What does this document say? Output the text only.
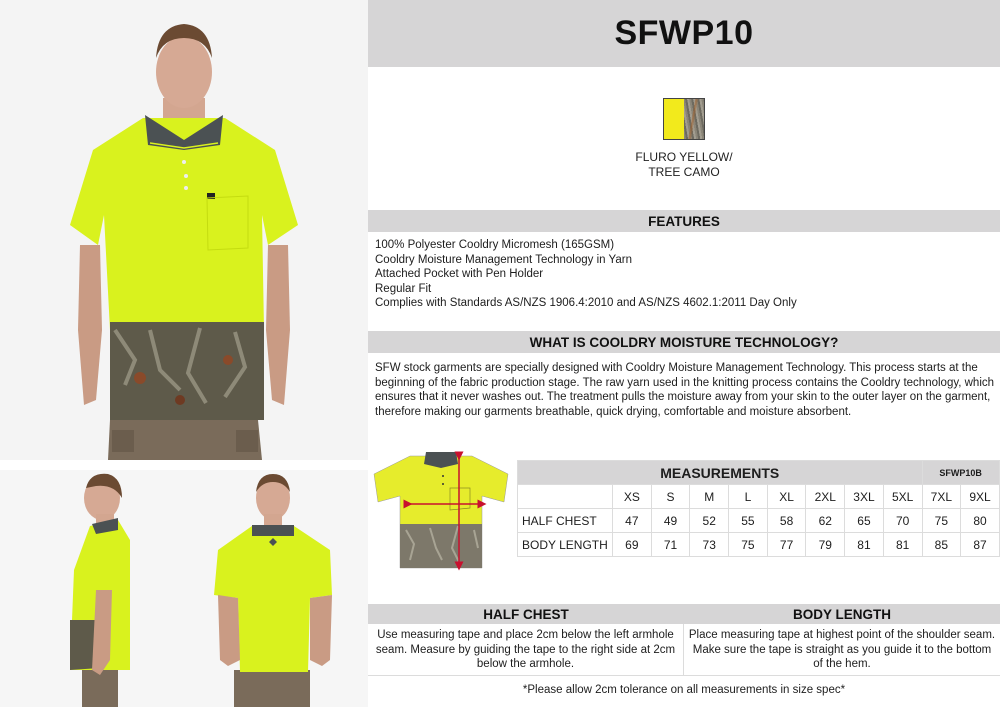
SFWP10
FLURO YELLOW/
TREE CAMO
FEATURES
100% Polyester Cooldry Micromesh (165GSM)
Cooldry Moisture Management Technology in Yarn
Attached Pocket with Pen Holder
Regular Fit
Complies with Standards AS/NZS 1906.4:2010 and AS/NZS 4602.1:2011 Day Only
WHAT IS COOLDRY MOISTURE TECHNOLOGY?

SFW stock garments are specially designed with Cooldry Moisture Management Technology. This process starts at the beginning of the fabric production stage. The raw yarn used in the knitting process contains the Cooldry technology, which ensures that it never washes out. The treatment pulls the moisture away from your skin to the outer layer on the garment, therefore making our garments breathable, quick drying, comfortable and moisture absorbent.

MEASUREMENTS									SFWP10B	
	XS	S	M	L	XL	2XL	3XL	5XL	7XL	9XL
HALF CHEST	47	49	52	55	58	62	65	70	75	80
BODY LENGTH	69	71	73	75	77	79	81	81	85	87
HALF CHEST	BODY LENGTH
Use measuring tape and place 2cm below the left armhole seam. Measure by guiding the tape to the right side at 2cm below the armhole.
Place measuring tape at highest point of the shoulder seam. Make sure the tape is straight as you guide it to the bottom of the hem.
*Please allow 2cm tolerance on all measurements in size spec*
